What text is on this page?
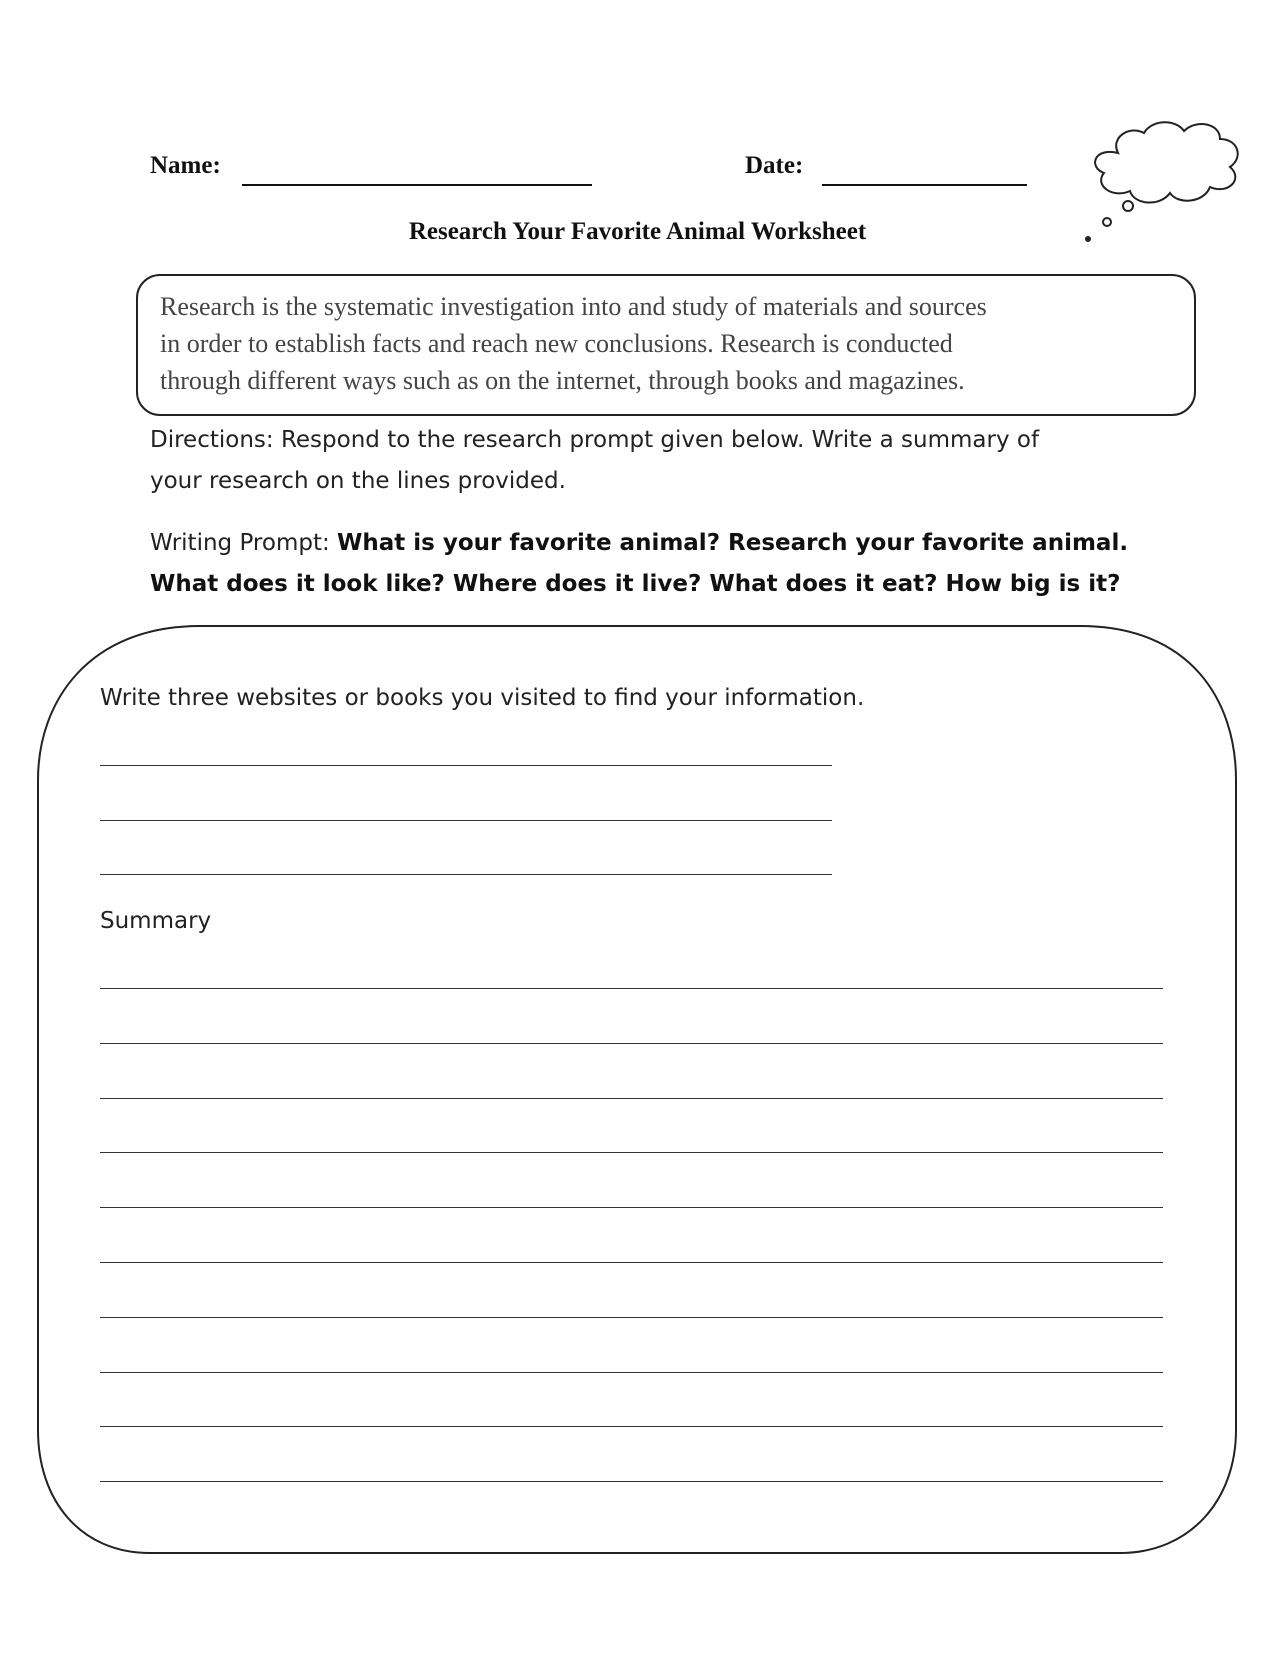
Name:	Date:
Research Your Favorite Animal Worksheet
Research is the systematic investigation into and study of materials and sources
in order to establish facts and reach new conclusions. Research is conducted
through different ways such as on the internet, through books and magazines.
Directions: Respond to the research prompt given below. Write a summary of
your research on the lines provided.
Writing Prompt: What is your favorite animal? Research your favorite animal.
What does it look like? Where does it live? What does it eat? How big is it?
Write three websites or books you visited to find your information.
Summary
